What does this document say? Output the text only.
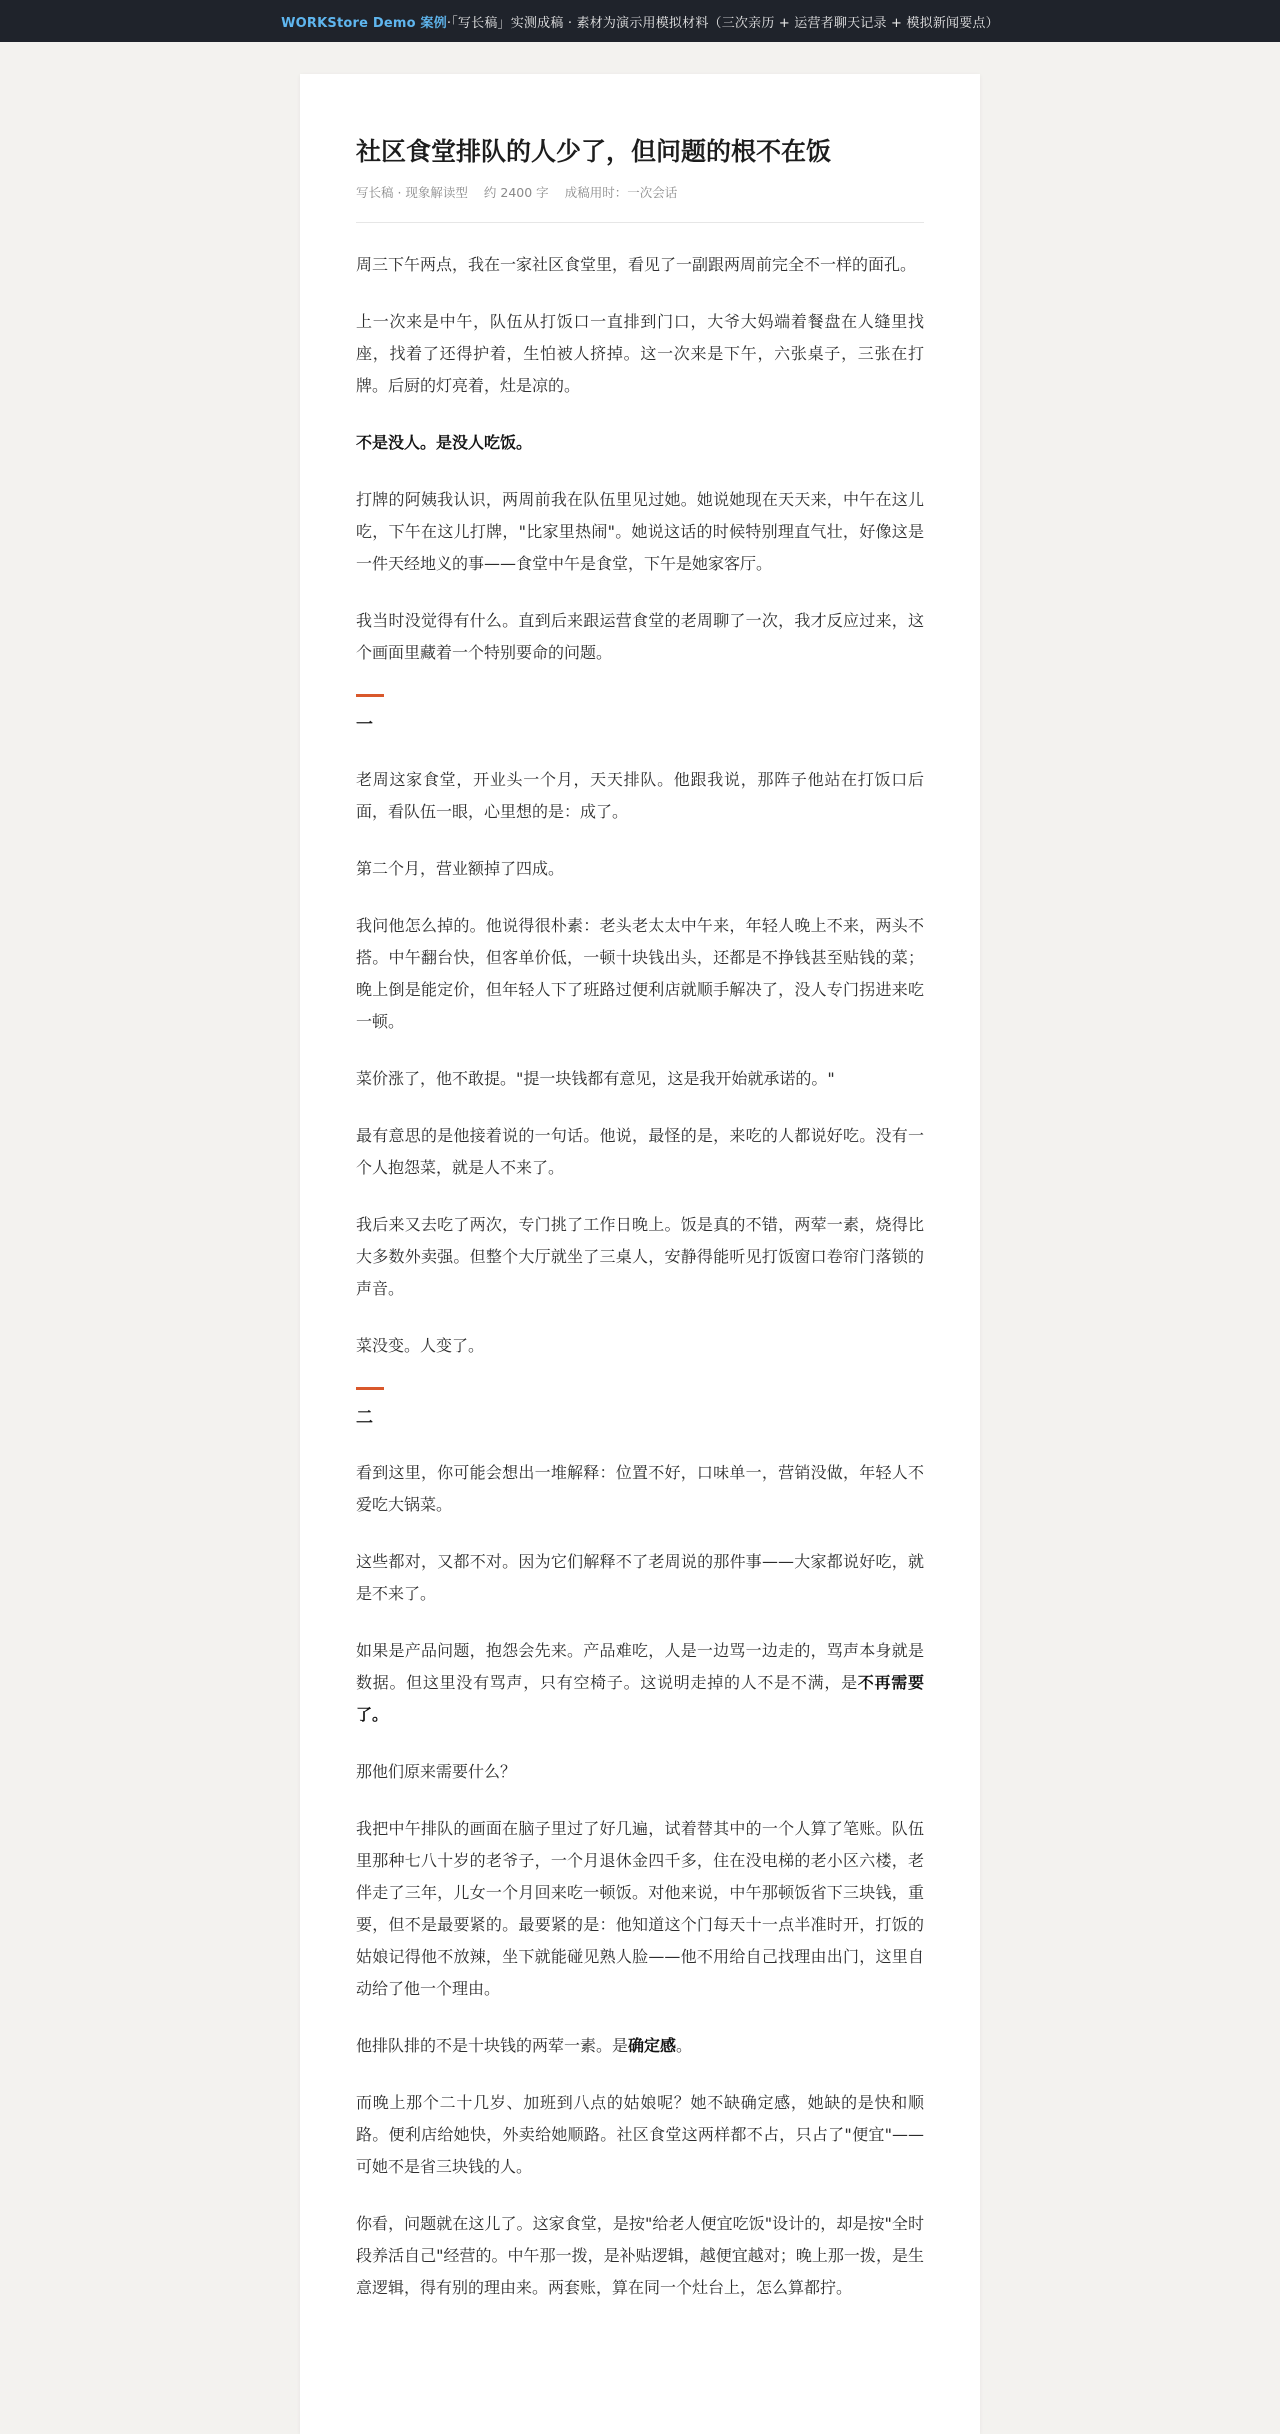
WORKStore Demo 案例 ·「写长稿」实测成稿 · 素材为演示用模拟材料（三次亲历 + 运营者聊天记录 + 模拟新闻要点）
社区食堂排队的人少了，但问题的根不在饭
写长稿 · 现象解读型 约 2400 字 成稿用时：一次会话

周三下午两点，我在一家社区食堂里，看见了一副跟两周前完全不一样的面孔。

上一次来是中午，队伍从打饭口一直排到门口，大爷大妈端着餐盘在人缝里找座，找着了还得护着，生怕被人挤掉。这一次来是下午，六张桌子，三张在打牌。后厨的灯亮着，灶是凉的。

不是没人。是没人吃饭。

打牌的阿姨我认识，两周前我在队伍里见过她。她说她现在天天来，中午在这儿吃，下午在这儿打牌，"比家里热闹"。她说这话的时候特别理直气壮，好像这是一件天经地义的事——食堂中午是食堂，下午是她家客厅。

我当时没觉得有什么。直到后来跟运营食堂的老周聊了一次，我才反应过来，这个画面里藏着一个特别要命的问题。

一

老周这家食堂，开业头一个月，天天排队。他跟我说，那阵子他站在打饭口后面，看队伍一眼，心里想的是：成了。

第二个月，营业额掉了四成。

我问他怎么掉的。他说得很朴素：老头老太太中午来，年轻人晚上不来，两头不搭。中午翻台快，但客单价低，一顿十块钱出头，还都是不挣钱甚至贴钱的菜；晚上倒是能定价，但年轻人下了班路过便利店就顺手解决了，没人专门拐进来吃一顿。

菜价涨了，他不敢提。"提一块钱都有意见，这是我开始就承诺的。"

最有意思的是他接着说的一句话。他说，最怪的是，来吃的人都说好吃。没有一个人抱怨菜，就是人不来了。

我后来又去吃了两次，专门挑了工作日晚上。饭是真的不错，两荤一素，烧得比大多数外卖强。但整个大厅就坐了三桌人，安静得能听见打饭窗口卷帘门落锁的声音。

菜没变。人变了。

二

看到这里，你可能会想出一堆解释：位置不好，口味单一，营销没做，年轻人不爱吃大锅菜。

这些都对，又都不对。因为它们解释不了老周说的那件事——大家都说好吃，就是不来了。

如果是产品问题，抱怨会先来。产品难吃，人是一边骂一边走的，骂声本身就是数据。但这里没有骂声，只有空椅子。这说明走掉的人不是不满，是不再需要了。

那他们原来需要什么？

我把中午排队的画面在脑子里过了好几遍，试着替其中的一个人算了笔账。队伍里那种七八十岁的老爷子，一个月退休金四千多，住在没电梯的老小区六楼，老伴走了三年，儿女一个月回来吃一顿饭。对他来说，中午那顿饭省下三块钱，重要，但不是最要紧的。最要紧的是：他知道这个门每天十一点半准时开，打饭的姑娘记得他不放辣，坐下就能碰见熟人脸——他不用给自己找理由出门，这里自动给了他一个理由。

他排队排的不是十块钱的两荤一素。是确定感。

而晚上那个二十几岁、加班到八点的姑娘呢？她不缺确定感，她缺的是快和顺路。便利店给她快，外卖给她顺路。社区食堂这两样都不占，只占了"便宜"——可她不是省三块钱的人。

你看，问题就在这儿了。这家食堂，是按"给老人便宜吃饭"设计的，却是按"全时段养活自己"经营的。中午那一拨，是补贴逻辑，越便宜越对；晚上那一拨，是生意逻辑，得有别的理由来。两套账，算在同一个灶台上，怎么算都拧。
